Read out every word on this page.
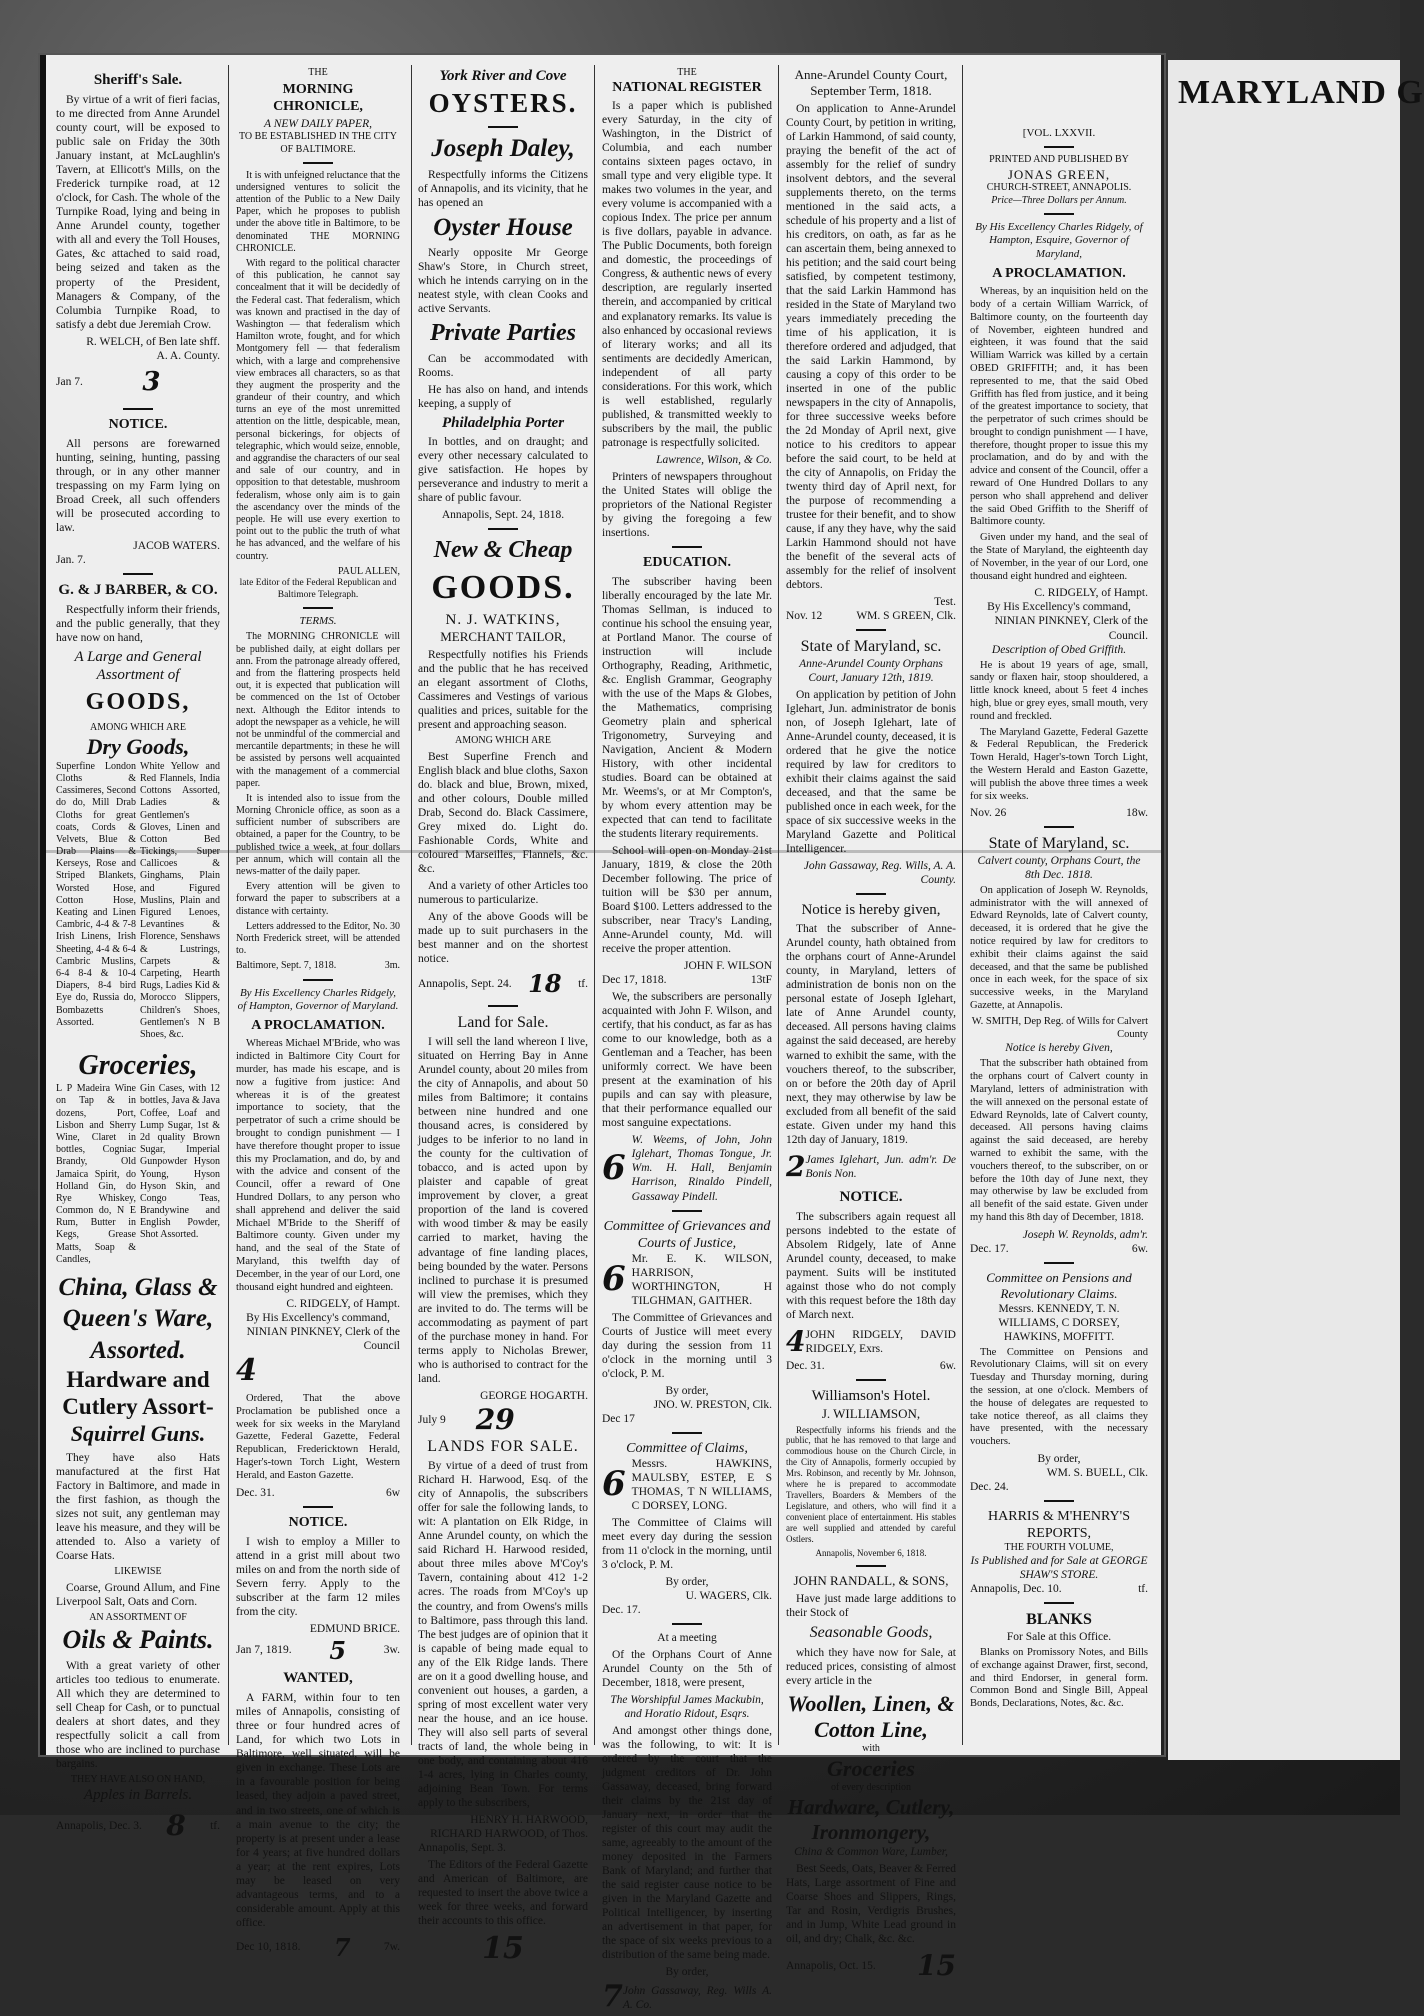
Sheriff's Sale.

By virtue of a writ of fieri facias, to me directed from Anne Arundel county court, will be exposed to public sale on Friday the 30th January instant, at McLaughlin's Tavern, at Ellicott's Mills, on the Frederick turnpike road, at 12 o'clock, for Cash. The whole of the Turnpike Road, lying and being in Anne Arundel county, together with all and every the Toll Houses, Gates, &c attached to said road, being seized and taken as the property of the President, Managers & Company, of the Columbia Turnpike Road, to satisfy a debt due Jeremiah Crow.

R. WELCH, of Ben late shff.
A. A. County.
Jan 7. 3
NOTICE.

All persons are forewarned hunting, seining, hunting, passing through, or in any other manner trespassing on my Farm lying on Broad Creek, all such offenders will be prosecuted according to law.

JACOB WATERS.
Jan. 7.
G. & J BARBER, & CO.

Respectfully inform their friends, and the public generally, that they have now on hand,

A Large and General Assortment of
GOODS,
AMONG WHICH ARE
Dry Goods,
Superfine London Cloths & Cassimeres, Second do do, Mill Drab Cloths for great coats, Cords & Velvets, Blue & Drab Plains & Kerseys, Rose and Striped Blankets, Worsted Hose, Cotton Hose, Keating and Linen Cambric, 4-4 & 7-8 Irish Linens, Irish Sheeting, 4-4 & 6-4 Cambric Muslins, 6-4 8-4 & 10-4 Diapers, 8-4 bird Eye do, Russia do, Bombazetts Assorted.
White Yellow and Red Flannels, India Cottons Assorted, Ladies & Gentlemen's Gloves, Linen and Cotton Bed Tickings, Super Callicoes & Ginghams, Plain and Figured Muslins, Plain and Figured Lenoes, Levantines & Florence, Senshaws & Lustrings, Carpets & Carpeting, Hearth Rugs, Ladies Kid & Morocco Slippers, Children's Shoes, Gentlemen's N B Shoes, &c.
Groceries,
L P Madeira Wine on Tap & in dozens, Port, Lisbon and Sherry Wine, Claret in bottles, Cogniac Brandy, Old Jamaica Spirit, do Holland Gin, do Rye Whiskey, Common do, N E Rum, Butter in Kegs, Grease Matts, Soap & Candles,
Gin Cases, with 12 bottles, Java & Java Coffee, Loaf and Lump Sugar, 1st & 2d quality Brown Sugar, Imperial Gunpowder Hyson Young, Hyson Hyson Skin, and Congo Teas, Brandywine and English Powder, Shot Assorted.
China, Glass & Queen's Ware, Assorted.
Hardware and Cutlery Assort-
Squirrel Guns.

They have also Hats manufactured at the first Hat Factory in Baltimore, and made in the first fashion, as though the sizes not suit, any gentleman may leave his measure, and they will be attended to. Also a variety of Coarse Hats.

LIKEWISE

Coarse, Ground Allum, and Fine Liverpool Salt, Oats and Corn.

AN ASSORTMENT OF
Oils & Paints.

With a great variety of other articles too tedious to enumerate. All which they are determined to sell Cheap for Cash, or to punctual dealers at short dates, and they respectfully solicit a call from those who are inclined to purchase bargains.

THEY HAVE ALSO ON HAND,
Apples in Barrels.
Annapolis, Dec. 3. 8 tf.
THE
MORNING CHRONICLE,
A NEW DAILY PAPER,
TO BE ESTABLISHED IN THE CITY OF BALTIMORE.

It is with unfeigned reluctance that the undersigned ventures to solicit the attention of the Public to a New Daily Paper, which he proposes to publish under the above title in Baltimore, to be denominated THE MORNING CHRONICLE.

With regard to the political character of this publication, he cannot say concealment that it will be decidedly of the Federal cast. That federalism, which was known and practised in the day of Washington — that federalism which Hamilton wrote, fought, and for which Montgomery fell — that federalism which, with a large and comprehensive view embraces all characters, so as that they augment the prosperity and the grandeur of their country, and which turns an eye of the most unremitted attention on the little, despicable, mean, personal bickerings, for objects of telegraphic, which would seize, ennoble, and aggrandise the characters of our seal and sale of our country, and in opposition to that detestable, mushroom federalism, whose only aim is to gain the ascendancy over the minds of the people. He will use every exertion to point out to the public the truth of what he has advanced, and the welfare of his country.

PAUL ALLEN,
late Editor of the Federal Republican and Baltimore Telegraph.
TERMS.

The MORNING CHRONICLE will be published daily, at eight dollars per ann. From the patronage already offered, and from the flattering prospects held out, it is expected that publication will be commenced on the 1st of October next. Although the Editor intends to adopt the newspaper as a vehicle, he will not be unmindful of the commercial and mercantile departments; in these he will be assisted by persons well acquainted with the management of a commercial paper.

It is intended also to issue from the Morning Chronicle office, as soon as a sufficient number of subscribers are obtained, a paper for the Country, to be published twice a week, at four dollars per annum, which will contain all the news-matter of the daily paper.

Every attention will be given to forward the paper to subscribers at a distance with certainty.

Letters addressed to the Editor, No. 30 North Frederick street, will be attended to.

Baltimore, Sept. 7, 1818.	3m.
By His Excellency Charles Ridgely, of Hampton, Governor of Maryland.
A PROCLAMATION.

Whereas Michael M'Bride, who was indicted in Baltimore City Court for murder, has made his escape, and is now a fugitive from justice: And whereas it is of the greatest importance to society, that the perpetrator of such a crime should be brought to condign punishment — I have therefore thought proper to issue this my Proclamation, and do, by and with the advice and consent of the Council, offer a reward of One Hundred Dollars, to any person who shall apprehend and deliver the said Michael M'Bride to the Sheriff of Baltimore county. Given under my hand, and the seal of the State of Maryland, this twelfth day of December, in the year of our Lord, one thousand eight hundred and eighteen.

C. RIDGELY, of Hampt.
By His Excellency's command,
NINIAN PINKNEY, Clerk of the Council
4

Ordered, That the above Proclamation be published once a week for six weeks in the Maryland Gazette, Federal Gazette, Federal Republican, Fredericktown Herald, Hager's-town Torch Light, Western Herald, and Easton Gazette.

Dec. 31.	6w
NOTICE.

I wish to employ a Miller to attend in a grist mill about two miles on and from the north side of Severn ferry. Apply to the subscriber at the farm 12 miles from the city.

EDMUND BRICE.
Jan 7, 1819. 5	3w.
WANTED,

A FARM, within four to ten miles of Annapolis, consisting of three or four hundred acres of Land, for which two Lots in Baltimore, well situated, will be given in exchange. These Lots are in a favourable position for being leased, they adjoin a paved street, and in two streets, one of which is a main avenue to the city; the property is at present under a lease for 4 years; at five hundred dollars a year; at the rent expires, Lots may be leased on very advantageous terms, and to a considerable amount. Apply at this office.

Dec 10, 1818. 7	7w.
York River and Cove
OYSTERS.
Joseph Daley,

Respectfully informs the Citizens of Annapolis, and its vicinity, that he has opened an

Oyster House

Nearly opposite Mr George Shaw's Store, in Church street, which he intends carrying on in the neatest style, with clean Cooks and active Servants.

Private Parties

Can be accommodated with Rooms.

He has also on hand, and intends keeping, a supply of

Philadelphia Porter

In bottles, and on draught; and every other necessary calculated to give satisfaction. He hopes by perseverance and industry to merit a share of public favour.

Annapolis, Sept. 24, 1818.
New & Cheap
GOODS.
N. J. WATKINS,
MERCHANT TAILOR,

Respectfully notifies his Friends and the public that he has received an elegant assortment of Cloths, Cassimeres and Vestings of various qualities and prices, suitable for the present and approaching season.

AMONG WHICH ARE

Best Superfine French and English black and blue cloths, Saxon do. black and blue, Brown, mixed, and other colours, Double milled Drab, Second do. Black Cassimere, Grey mixed do. Light do. Fashionable Cords, White and coloured Marseilles, Flannels, &c. &c.

And a variety of other Articles too numerous to particularize.

Any of the above Goods will be made up to suit purchasers in the best manner and on the shortest notice.

Annapolis, Sept. 24. 18 tf.
Land for Sale.

I will sell the land whereon I live, situated on Herring Bay in Anne Arundel county, about 20 miles from the city of Annapolis, and about 50 miles from Baltimore; it contains between nine hundred and one thousand acres, is considered by judges to be inferior to no land in the county for the cultivation of tobacco, and is acted upon by plaister and capable of great improvement by clover, a great proportion of the land is covered with wood timber & may be easily carried to market, having the advantage of fine landing places, being bounded by the water. Persons inclined to purchase it is presumed will view the premises, which they are invited to do. The terms will be accommodating as payment of part of the purchase money in hand. For terms apply to Nicholas Brewer, who is authorised to contract for the land.

GEORGE HOGARTH.
July 9 29
LANDS FOR SALE.

By virtue of a deed of trust from Richard H. Harwood, Esq. of the city of Annapolis, the subscribers offer for sale the following lands, to wit: A plantation on Elk Ridge, in Anne Arundel county, on which the said Richard H. Harwood resided, about three miles above M'Coy's Tavern, containing about 412 1-2 acres. The roads from M'Coy's up the country, and from Owens's mills to Baltimore, pass through this land. The best judges are of opinion that it is capable of being made equal to any of the Elk Ridge lands. There are on it a good dwelling house, and convenient out houses, a garden, a spring of most excellent water very near the house, and an ice house. They will also sell parts of several tracts of land, the whole being in one body, and containing about 416 1-4 acres, lying in Charles county, adjoining Bean Town. For terms apply to the subscribers,

HENRY H. HARWOOD,
RICHARD HARWOOD, of Thos.
Annapolis, Sept. 3.

The Editors of the Federal Gazette and American of Baltimore, are requested to insert the above twice a week for three weeks, and forward their accounts to this office.

15
THE
NATIONAL REGISTER

Is a paper which is published every Saturday, in the city of Washington, in the District of Columbia, and each number contains sixteen pages octavo, in small type and very eligible type. It makes two volumes in the year, and every volume is accompanied with a copious Index. The price per annum is five dollars, payable in advance. The Public Documents, both foreign and domestic, the proceedings of Congress, & authentic news of every description, are regularly inserted therein, and accompanied by critical and explanatory remarks. Its value is also enhanced by occasional reviews of literary works; and all its sentiments are decidedly American, independent of all party considerations. For this work, which is well established, regularly published, & transmitted weekly to subscribers by the mail, the public patronage is respectfully solicited.

Lawrence, Wilson, & Co.

Printers of newspapers throughout the United States will oblige the proprietors of the National Register by giving the foregoing a few insertions.

EDUCATION.

The subscriber having been liberally encouraged by the late Mr. Thomas Sellman, is induced to continue his school the ensuing year, at Portland Manor. The course of instruction will include Orthography, Reading, Arithmetic, &c. English Grammar, Geography with the use of the Maps & Globes, the Mathematics, comprising Geometry plain and spherical Trigonometry, Surveying and Navigation, Ancient & Modern History, with other incidental studies. Board can be obtained at Mr. Weems's, or at Mr Compton's, by whom every attention may be expected that can tend to facilitate the students literary requirements.

School will open on Monday 21st January, 1819, & close the 20th December following. The price of tuition will be $30 per annum, Board $100. Letters addressed to the subscriber, near Tracy's Landing, Anne-Arundel county, Md. will receive the proper attention.

JOHN F. WILSON
Dec 17, 1818.	13tF

We, the subscribers are personally acquainted with John F. Wilson, and certify, that his conduct, as far as has come to our knowledge, both as a Gentleman and a Teacher, has been uniformly correct. We have been present at the examination of his pupils and can say with pleasure, that their performance equalled our most sanguine expectations.

6
W. Weems, of John, John Iglehart, Thomas Tongue, Jr. Wm. H. Hall, Benjamin Harrison, Rinaldo Pindell, Gassaway Pindell.
Committee of Grievances and Courts of Justice,
6
Mr. E. K. WILSON, HARRISON, WORTHINGTON, H TILGHMAN, GAITHER.

The Committee of Grievances and Courts of Justice will meet every day during the session from 11 o'clock in the morning until 3 o'clock, P. M.

By order,
JNO. W. PRESTON, Clk.
Dec 17
Committee of Claims,
6
Messrs. HAWKINS, MAULSBY, ESTEP, E S THOMAS, T N WILLIAMS, C DORSEY, LONG.

The Committee of Claims will meet every day during the session from 11 o'clock in the morning, until 3 o'clock, P. M.

By order,
U. WAGERS, Clk.
Dec. 17.
At a meeting

Of the Orphans Court of Anne Arundel County on the 5th of December, 1818, were present,

The Worshipful James Mackubin, and Horatio Ridout, Esqrs.

And amongst other things done, was the following, to wit: It is ordered by the court that the judgment creditors of Dr. John Gassaway, deceased, bring forward their claims by the 21st day of January next, in order that the register of this court may audit the same, agreeably to the amount of the money deposited in the Farmers Bank of Maryland; and further that the said register cause notice to be given in the Maryland Gazette and Political Intelligencer, by inserting an advertisement in that paper, for the space of six weeks previous to a distribution of the same being made.

By order,
7 John Gassaway, Reg. Wills A. A. Co.
Anne-Arundel County Court, September Term, 1818.

On application to Anne-Arundel County Court, by petition in writing, of Larkin Hammond, of said county, praying the benefit of the act of assembly for the relief of sundry insolvent debtors, and the several supplements thereto, on the terms mentioned in the said acts, a schedule of his property and a list of his creditors, on oath, as far as he can ascertain them, being annexed to his petition; and the said court being satisfied, by competent testimony, that the said Larkin Hammond has resided in the State of Maryland two years immediately preceding the time of his application, it is therefore ordered and adjudged, that the said Larkin Hammond, by causing a copy of this order to be inserted in one of the public newspapers in the city of Annapolis, for three successive weeks before the 2d Monday of April next, give notice to his creditors to appear before the said court, to be held at the city of Annapolis, on Friday the twenty third day of April next, for the purpose of recommending a trustee for their benefit, and to show cause, if any they have, why the said Larkin Hammond should not have the benefit of the several acts of assembly for the relief of insolvent debtors.

Test.
Nov. 12	WM. S GREEN, Clk.
State of Maryland, sc.
Anne-Arundel County Orphans Court, January 12th, 1819.

On application by petition of John Iglehart, Jun. administrator de bonis non, of Joseph Iglehart, late of Anne-Arundel county, deceased, it is ordered that he give the notice required by law for creditors to exhibit their claims against the said deceased, and that the same be published once in each week, for the space of six successive weeks in the Maryland Gazette and Political Intelligencer.

John Gassaway, Reg. Wills, A. A. County.
Notice is hereby given,

That the subscriber of Anne-Arundel county, hath obtained from the orphans court of Anne-Arundel county, in Maryland, letters of administration de bonis non on the personal estate of Joseph Iglehart, late of Anne Arundel county, deceased. All persons having claims against the said deceased, are hereby warned to exhibit the same, with the vouchers thereof, to the subscriber, on or before the 20th day of April next, they may otherwise by law be excluded from all benefit of the said estate. Given under my hand this 12th day of January, 1819.

2 James Iglehart, Jun. adm'r. De Bonis Non.
NOTICE.

The subscribers again request all persons indebted to the estate of Absolem Ridgely, late of Anne Arundel county, deceased, to make payment. Suits will be instituted against those who do not comply with this request before the 18th day of March next.

4 JOHN RIDGELY, DAVID RIDGELY, Exrs.
Dec. 31.	6w.
Williamson's Hotel.
J. WILLIAMSON,

Respectfully informs his friends and the public, that he has removed to that large and commodious house on the Church Circle, in the City of Annapolis, formerly occupied by Mrs. Robinson, and recently by Mr. Johnson, where he is prepared to accommodate Travellers, Boarders & Members of the Legislature, and others, who will find it a convenient place of entertainment. His stables are well supplied and attended by careful Ostlers.

Annapolis, November 6, 1818.
JOHN RANDALL, & SONS,

Have just made large additions to their Stock of

Seasonable Goods,

which they have now for Sale, at reduced prices, consisting of almost every article in the

Woollen, Linen, & Cotton Line,
with
Groceries
of every description
Hardware, Cutlery, Ironmongery,
China & Common Ware, Lumber,

Best Seeds, Oats, Beaver & Ferred Hats, Large assortment of Fine and Coarse Shoes and Slippers, Rings, Tar and Rosin, Verdigris Brushes, and in Jump, White Lead ground in oil, and dry; Chalk, &c. &c.

Annapolis, Oct. 15. 15
[VOL. LXXVII.
PRINTED AND PUBLISHED BY
JONAS GREEN,
CHURCH-STREET, ANNAPOLIS.
Price—Three Dollars per Annum.
By His Excellency Charles Ridgely, of Hampton, Esquire, Governor of Maryland,
A PROCLAMATION.

Whereas, by an inquisition held on the body of a certain William Warrick, of Baltimore county, on the fourteenth day of November, eighteen hundred and eighteen, it was found that the said William Warrick was killed by a certain OBED GRIFFITH; and, it has been represented to me, that the said Obed Griffith has fled from justice, and it being of the greatest importance to society, that the perpetrator of such crimes should be brought to condign punishment — I have, therefore, thought proper to issue this my proclamation, and do by and with the advice and consent of the Council, offer a reward of One Hundred Dollars to any person who shall apprehend and deliver the said Obed Griffith to the Sheriff of Baltimore county.

Given under my hand, and the seal of the State of Maryland, the eighteenth day of November, in the year of our Lord, one thousand eight hundred and eighteen.

C. RIDGELY, of Hampt.
By His Excellency's command,
NINIAN PINKNEY, Clerk of the Council.
Description of Obed Griffith.

He is about 19 years of age, small, sandy or flaxen hair, stoop shouldered, a little knock kneed, about 5 feet 4 inches high, blue or grey eyes, small mouth, very round and freckled.

The Maryland Gazette, Federal Gazette & Federal Republican, the Frederick Town Herald, Hager's-town Torch Light, the Western Herald and Easton Gazette, will publish the above three times a week for six weeks.

Nov. 26	18w.
State of Maryland, sc.
Calvert county, Orphans Court, the 8th Dec. 1818.

On application of Joseph W. Reynolds, administrator with the will annexed of Edward Reynolds, late of Calvert county, deceased, it is ordered that he give the notice required by law for creditors to exhibit their claims against the said deceased, and that the same be published once in each week, for the space of six successive weeks, in the Maryland Gazette, at Annapolis.

W. SMITH, Dep Reg. of Wills for Calvert County
Notice is hereby Given,

That the subscriber hath obtained from the orphans court of Calvert county in Maryland, letters of administration with the will annexed on the personal estate of Edward Reynolds, late of Calvert county, deceased. All persons having claims against the said deceased, are hereby warned to exhibit the same, with the vouchers thereof, to the subscriber, on or before the 10th day of June next, they may otherwise by law be excluded from all benefit of the said estate. Given under my hand this 8th day of December, 1818.

Joseph W. Reynolds, adm'r.
Dec. 17.	6w.
Committee on Pensions and Revolutionary Claims.
Messrs. KENNEDY, T. N. WILLIAMS, C DORSEY, HAWKINS, MOFFITT.

The Committee on Pensions and Revolutionary Claims, will sit on every Tuesday and Thursday morning, during the session, at one o'clock. Members of the house of delegates are requested to take notice thereof, as all claims they have presented, with the necessary vouchers.

By order,
WM. S. BUELL, Clk.
Dec. 24.
HARRIS & M'HENRY'S REPORTS,
THE FOURTH VOLUME,
Is Published and for Sale at GEORGE SHAW'S STORE.
Annapolis, Dec. 10.	tf.
BLANKS
For Sale at this Office.

Blanks on Promissory Notes, and Bills of exchange against Drawer, first, second, and third Endorser, in general form. Common Bond and Single Bill, Appeal Bonds, Declarations, Notes, &c. &c.

MARYLAND G
